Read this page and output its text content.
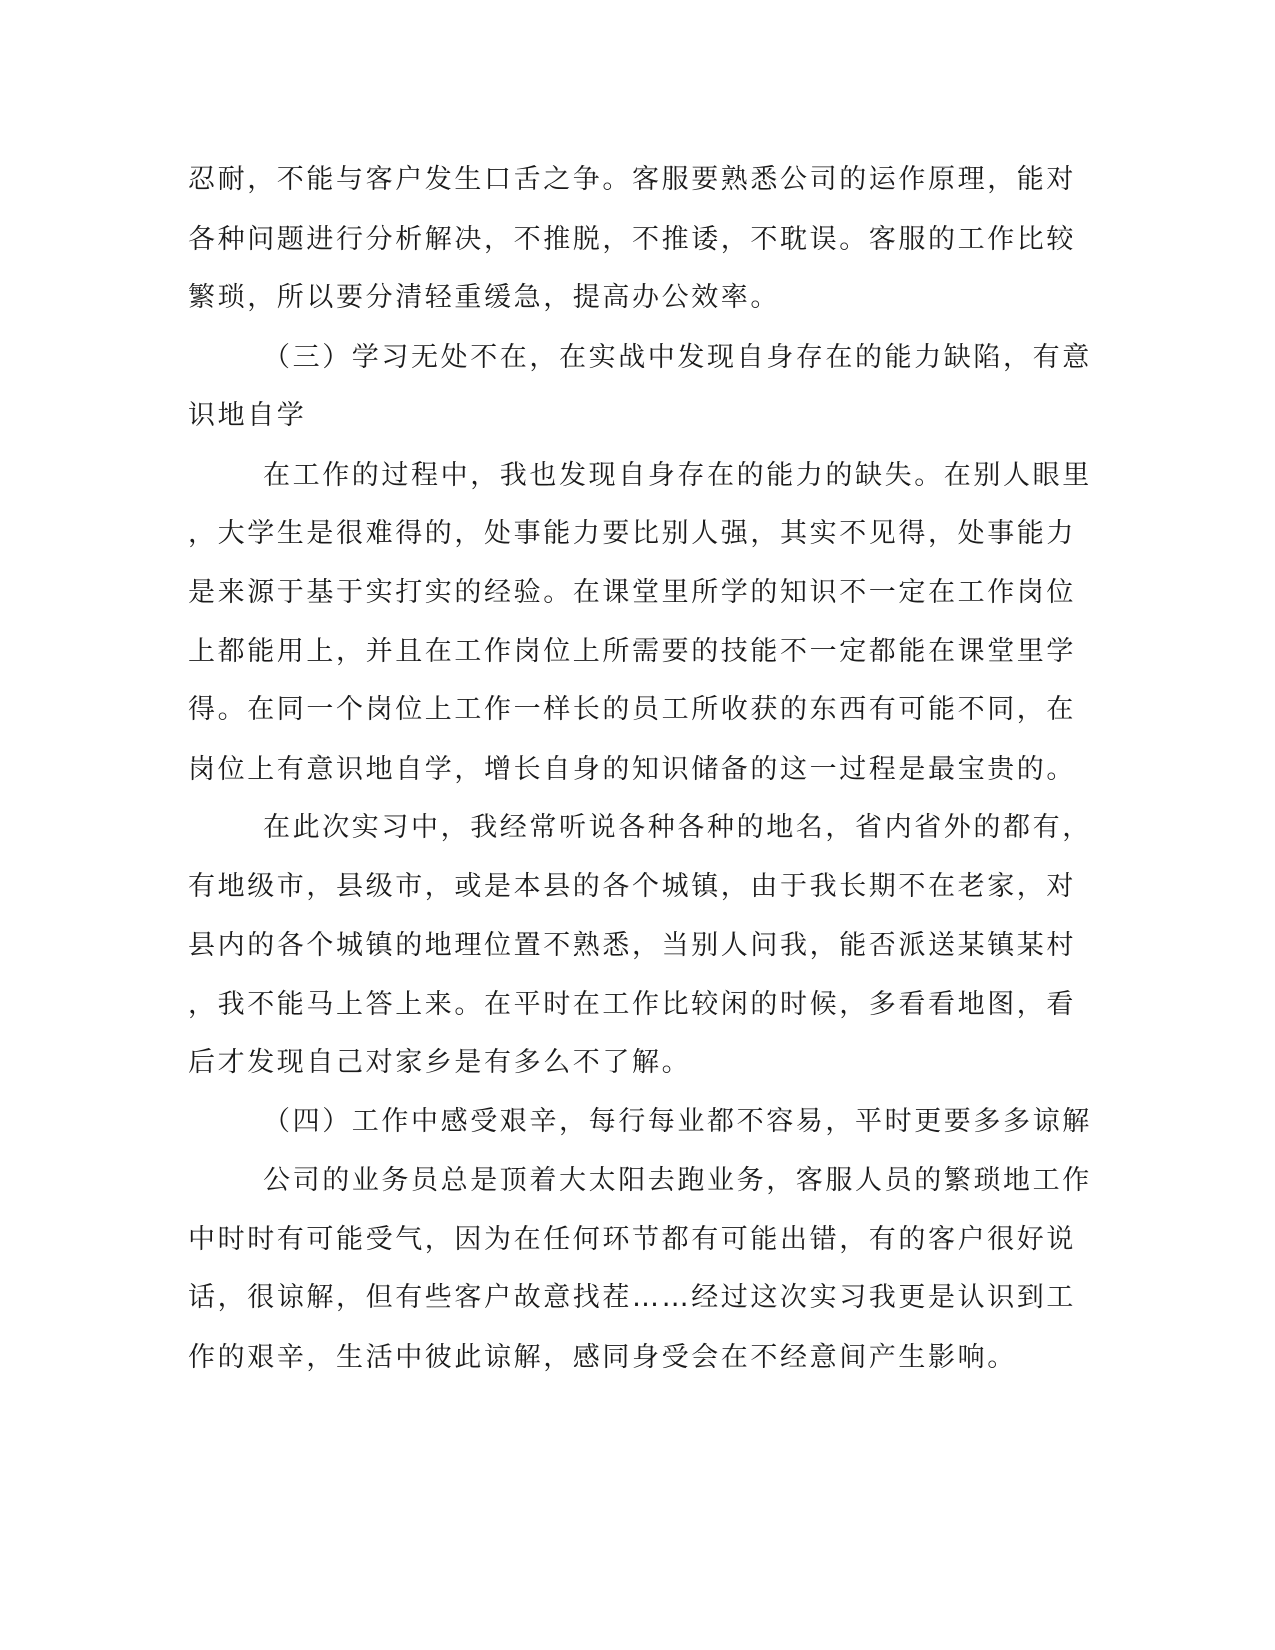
忍耐，不能与客户发生口舌之争。客服要熟悉公司的运作原理，能对
各种问题进行分析解决，不推脱，不推诿，不耽误。客服的工作比较
繁琐，所以要分清轻重缓急，提高办公效率。
（三）学习无处不在，在实战中发现自身存在的能力缺陷，有意
识地自学
在工作的过程中，我也发现自身存在的能力的缺失。在别人眼里
，大学生是很难得的，处事能力要比别人强，其实不见得，处事能力
是来源于基于实打实的经验。在课堂里所学的知识不一定在工作岗位
上都能用上，并且在工作岗位上所需要的技能不一定都能在课堂里学
得。在同一个岗位上工作一样长的员工所收获的东西有可能不同，在
岗位上有意识地自学，增长自身的知识储备的这一过程是最宝贵的。
在此次实习中，我经常听说各种各种的地名，省内省外的都有，
有地级市，县级市，或是本县的各个城镇，由于我长期不在老家，对
县内的各个城镇的地理位置不熟悉，当别人问我，能否派送某镇某村
，我不能马上答上来。在平时在工作比较闲的时候，多看看地图，看
后才发现自己对家乡是有多么不了解。
（四）工作中感受艰辛，每行每业都不容易，平时更要多多谅解
公司的业务员总是顶着大太阳去跑业务，客服人员的繁琐地工作
中时时有可能受气，因为在任何环节都有可能出错，有的客户很好说
话，很谅解，但有些客户故意找茬……经过这次实习我更是认识到工
作的艰辛，生活中彼此谅解，感同身受会在不经意间产生影响。
